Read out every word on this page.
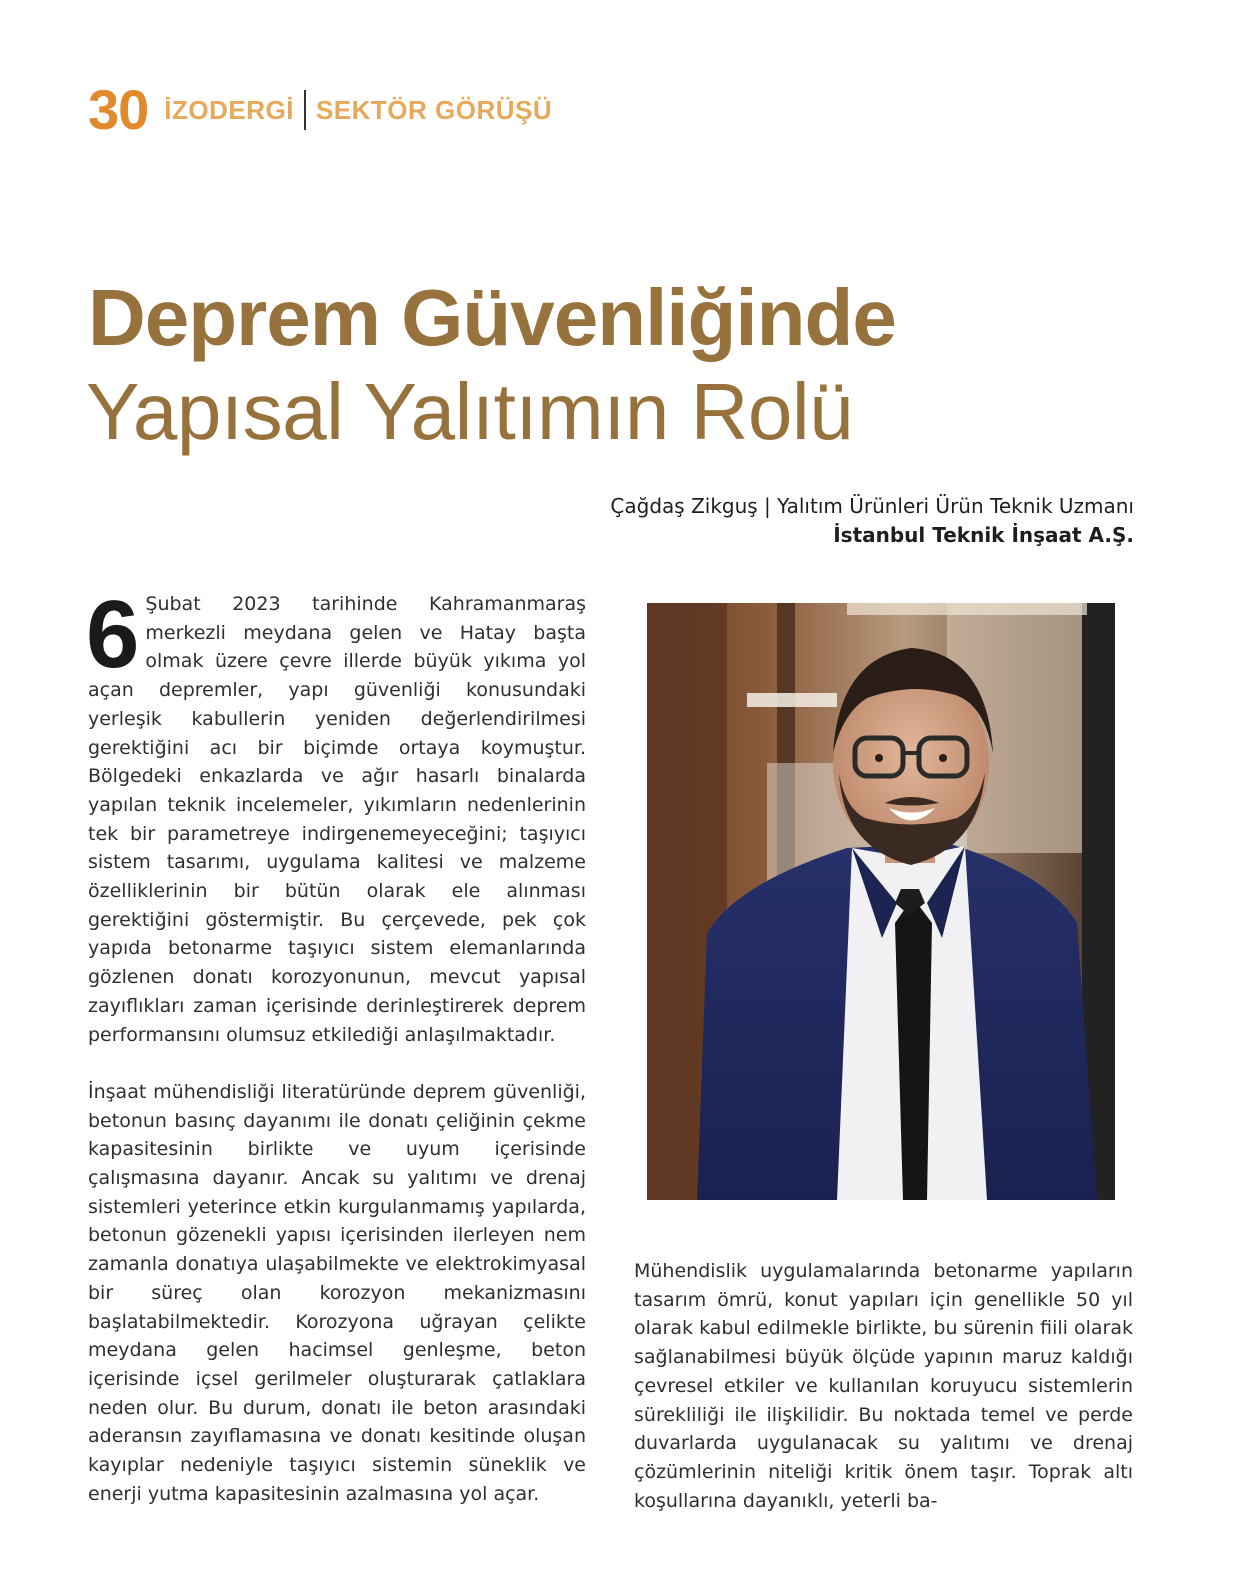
30 İZODERGİ SEKTÖR GÖRÜŞÜ
Deprem Güvenliğinde
Yapısal Yalıtımın Rolü
Çağdaş Zikguş | Yalıtım Ürünleri Ürün Teknik Uzmanı
İstanbul Teknik İnşaat A.Ş.

6 Şubat 2023 tarihinde Kahramanmaraş merkezli meydana gelen ve Hatay başta olmak üzere çevre illerde büyük yıkıma yol açan depremler, yapı güvenliği konusundaki yerleşik kabullerin yeniden değerlendirilmesi gerektiğini acı bir biçimde ortaya koymuştur. Bölgedeki enkazlarda ve ağır hasarlı binalarda yapılan teknik incelemeler, yıkımların nedenlerinin tek bir parametreye indirgenemeyeceğini; taşıyıcı sistem tasarımı, uygulama kalitesi ve malzeme özelliklerinin bir bütün olarak ele alınması gerektiğini göstermiştir. Bu çerçevede, pek çok yapıda betonarme taşıyıcı sistem elemanlarında gözlenen donatı korozyonunun, mevcut yapısal zayıflıkları zaman içerisinde derinleştirerek deprem performansını olumsuz etkilediği anlaşılmaktadır.

İnşaat mühendisliği literatüründe deprem güvenliği, betonun basınç dayanımı ile donatı çeliğinin çekme kapasitesinin birlikte ve uyum içerisinde çalışmasına dayanır. Ancak su yalıtımı ve drenaj sistemleri yeterince etkin kurgulanmamış yapılarda, betonun gözenekli yapısı içerisinden ilerleyen nem zamanla donatıya ulaşabilmekte ve elektrokimyasal bir süreç olan korozyon mekanizmasını başlatabilmektedir. Korozyona uğrayan çelikte meydana gelen hacimsel genleşme, beton içerisinde içsel gerilmeler oluşturarak çatlaklara neden olur. Bu durum, donatı ile beton arasındaki aderansın zayıflamasına ve donatı kesitinde oluşan kayıplar nedeniyle taşıyıcı sistemin süneklik ve enerji yutma kapasitesinin azalmasına yol açar.

Mühendislik uygulamalarında betonarme yapıların tasarım ömrü, konut yapıları için genellikle 50 yıl olarak kabul edilmekle birlikte, bu sürenin fiili olarak sağlanabilmesi büyük ölçüde yapının maruz kaldığı çevresel etkiler ve kullanılan koruyucu sistemlerin sürekliliği ile ilişkilidir. Bu noktada temel ve perde duvarlarda uygulanacak su yalıtımı ve drenaj çözümlerinin niteliği kritik önem taşır. Toprak altı koşullarına dayanıklı, yeterli ba-
